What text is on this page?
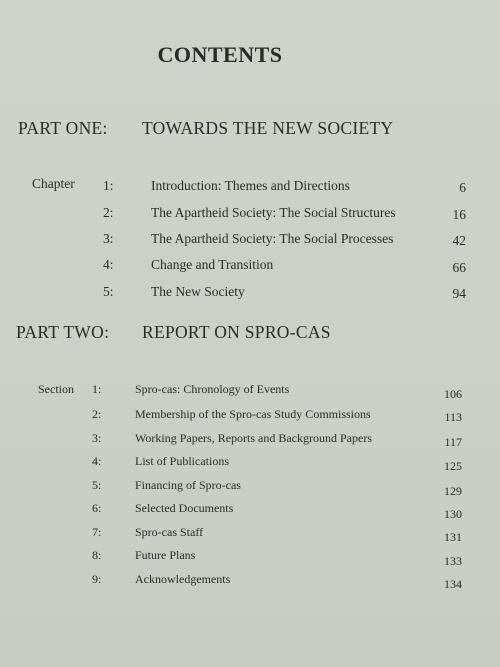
CONTENTS
PART ONE: TOWARDS THE NEW SOCIETY
Chapter 1:	Introduction: Themes and Directions	6
2:	The Apartheid Society: The Social Structures	16
3:	The Apartheid Society: The Social Processes	42
4:	Change and Transition	66
5:	The New Society	94
PART TWO: REPORT ON SPRO-CAS
Section 1:	Spro-cas: Chronology of Events	106
2:	Membership of the Spro-cas Study Commissions	113
3:	Working Papers, Reports and Background Papers	117
4:	List of Publications	125
5:	Financing of Spro-cas	129
6:	Selected Documents	130
7:	Spro-cas Staff	131
8:	Future Plans	133
9:	Acknowledgements	134
